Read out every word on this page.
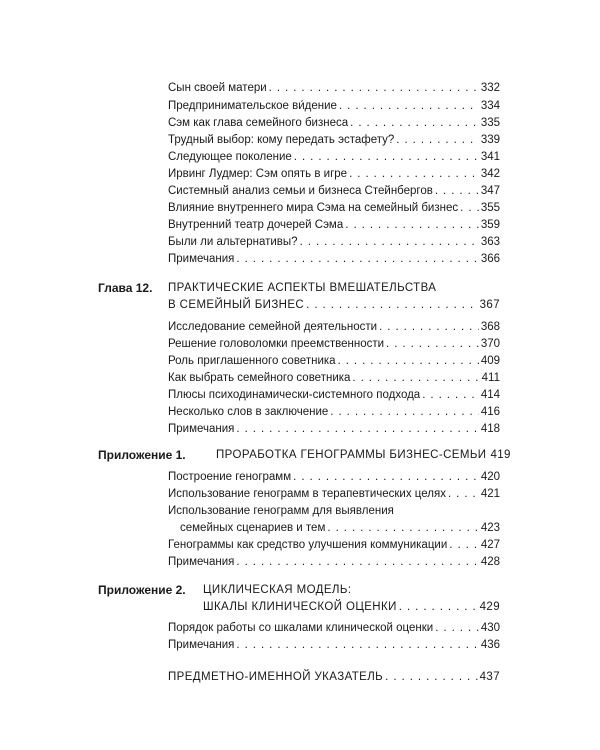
Сын своей матери . . .	332
Предпринимательское ви́дение . . .	334
Сэм как глава семейного бизнеса . . .	335
Трудный выбор: кому передать эстафету? . . .	339
Следующее поколение . . .	341
Ирвинг Лудмер: Сэм опять в игре . . .	342
Системный анализ семьи и бизнеса Стейнбергов . . .	347
Влияние внутреннего мира Сэма на семейный бизнес . . . 355
Внутренний театр дочерей Сэма . . .	359
Были ли альтернативы? . . .	363
Примечания . . .	366
Глава 12. ПРАКТИЧЕСКИЕ АСПЕКТЫ ВМЕШАТЕЛЬСТВА
В СЕМЕЙНЫЙ БИЗНЕС . . .	367
Исследование семейной деятельности . . .	368
Решение головоломки преемственности . . .	370
Роль приглашенного советника . . .	409
Как выбрать семейного советника . . .	411
Плюсы психодинамически-системного подхода . . .	414
Несколько слов в заключение . . .	416
Примечания . . .	418
Приложение 1.	ПРОРАБОТКА ГЕНОГРАММЫ БИЗНЕС-СЕМЬИ 419
Построение генограмм . . .	420
Использование генограмм в терапевтических целях . . .	421
Использование генограмм для выявления
семейных сценариев и тем . . .	423
Генограммы как средство улучшения коммуникации . . .	427
Примечания . . .	428
Приложение 2. ЦИКЛИЧЕСКАЯ МОДЕЛЬ:
ШКАЛЫ КЛИНИЧЕСКОЙ ОЦЕНКИ . . .	429
Порядок работы со шкалами клинической оценки . . .	430
Примечания . . .	436
ПРЕДМЕТНО-ИМЕННОЙ УКАЗАТЕЛЬ . . .	437
